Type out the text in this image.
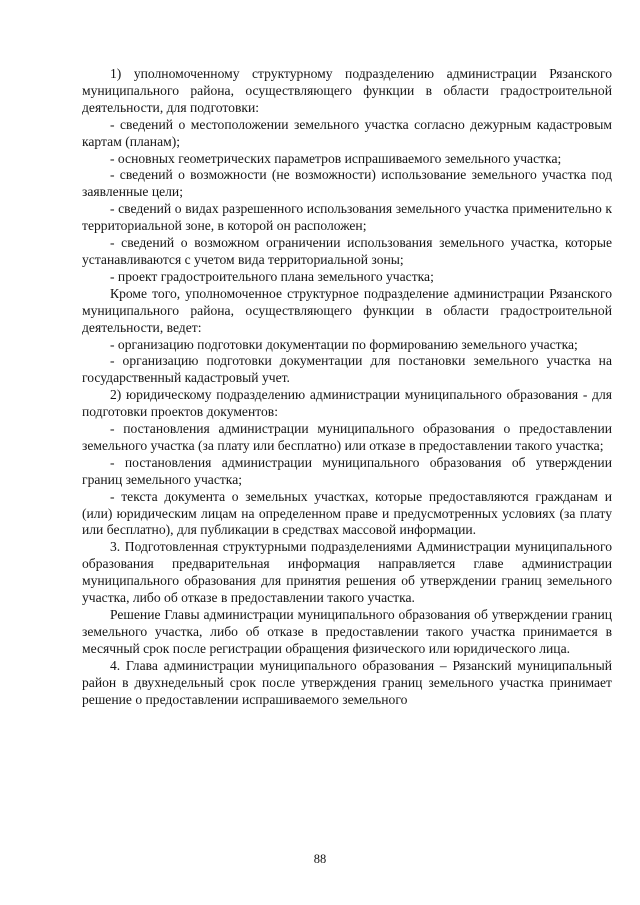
1) уполномоченному структурному подразделению администрации Рязанского муниципального района, осуществляющего функции в области градостроительной деятельности, для подготовки:

- сведений о местоположении земельного участка согласно дежурным кадастровым картам (планам);

- основных геометрических параметров испрашиваемого земельного участка;

- сведений о возможности (не возможности) использование земельного участка под заявленные цели;

- сведений о видах разрешенного использования земельного участка применительно к территориальной зоне, в которой он расположен;

- сведений о возможном ограничении использования земельного участка, которые устанавливаются с учетом вида территориальной зоны;

- проект градостроительного плана земельного участка;

Кроме того, уполномоченное структурное подразделение администрации Рязанского муниципального района, осуществляющего функции в области градостроительной деятельности, ведет:

- организацию подготовки документации по формированию земельного участка;

- организацию подготовки документации для постановки земельного участка на государственный кадастровый учет.

2) юридическому подразделению администрации муниципального образования - для подготовки проектов документов:

- постановления администрации муниципального образования о предоставлении земельного участка (за плату или бесплатно) или отказе в предоставлении такого участка;

- постановления администрации муниципального образования об утверждении границ земельного участка;

- текста документа о земельных участках, которые предоставляются гражданам и (или) юридическим лицам на определенном праве и предусмотренных условиях (за плату или бесплатно), для публикации в средствах массовой информации.

3. Подготовленная структурными подразделениями Администрации муниципального образования предварительная информация направляется главе администрации муниципального образования для принятия решения об утверждении границ земельного участка, либо об отказе в предоставлении такого участка.

Решение Главы администрации муниципального образования об утверждении границ земельного участка, либо об отказе в предоставлении такого участка принимается в месячный срок после регистрации обращения физического или юридического лица.

4. Глава администрации муниципального образования – Рязанский муниципальный район в двухнедельный срок после утверждения границ земельного участка принимает решение о предоставлении испрашиваемого земельного

88
